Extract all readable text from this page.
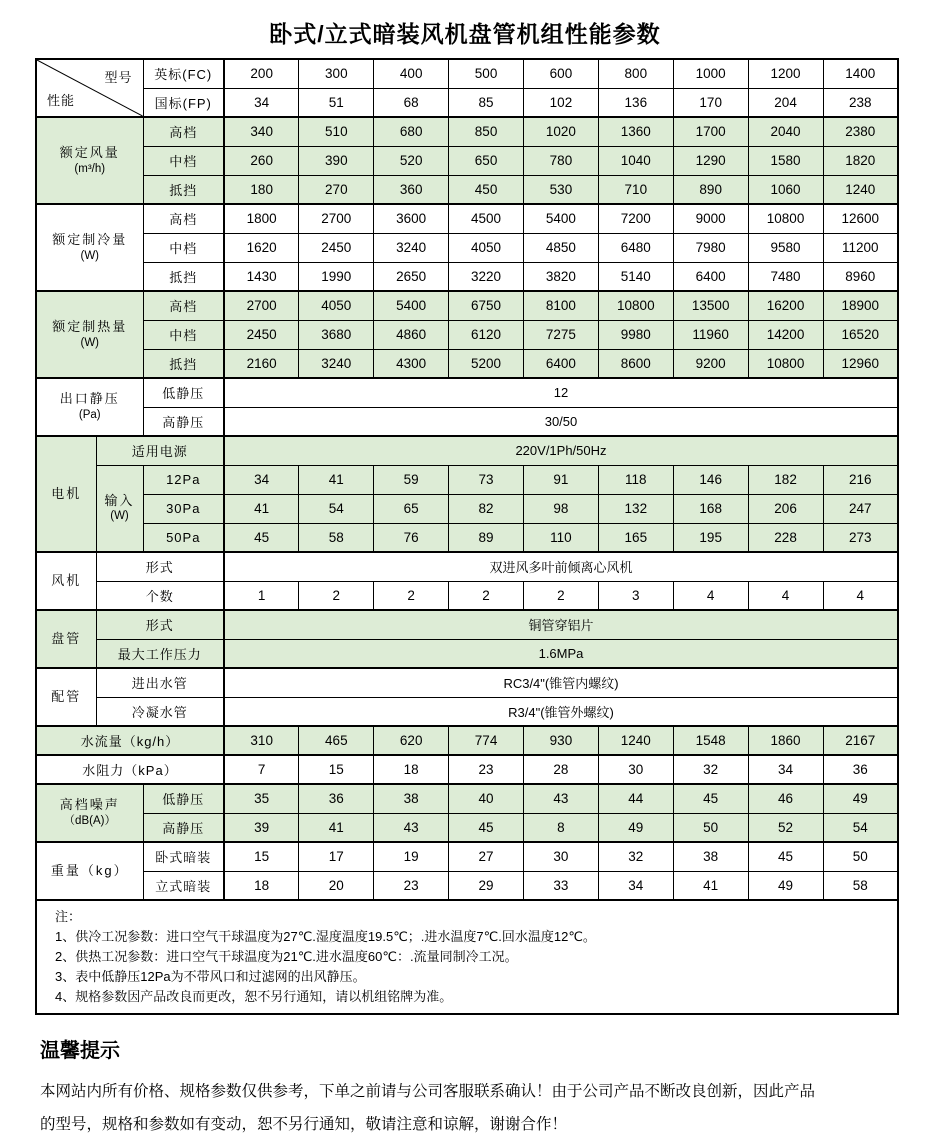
卧式/立式暗装风机盘管机组性能参数
型号
性能		英标(FC)	200	300	400	500	600	800	1000	1200	1400
		国标(FP)	34	51	68	85	102	136	170	204	238

额定风量
(m³/h)		高档	340	510	680	850	1020	1360	1700	2040	2380
		中档	260	390	520	650	780	1040	1290	1580	1820
		抵挡	180	270	360	450	530	710	890	1060	1240

额定制冷量
(W)		高档	1800	2700	3600	4500	5400	7200	9000	10800	12600
		中档	1620	2450	3240	4050	4850	6480	7980	9580	11200
		抵挡	1430	1990	2650	3220	3820	5140	6400	7480	8960

额定制热量
(W)		高档	2700	4050	5400	6750	8100	10800	13500	16200	18900
		中档	2450	3680	4860	6120	7275	9980	11960	14200	16520
		抵挡	2160	3240	4300	5200	6400	8600	9200	10800	12960

出口静压
(Pa)		低静压	12								
		高静压	30/50								
电机	适用电源		220V/1Ph/50Hz								

	输入
(W)	12Pa	34	41	59	73	91	118	146	182	216
		30Pa	41	54	65	82	98	132	168	206	247
		50Pa	45	58	76	89	110	165	195	228	273
风机	形式		双进风多叶前倾离心风机								
	个数		1	2	2	2	2	3	4	4	4
盘管	形式		铜管穿铝片								
	最大工作压力		1.6MPa								
配管	进出水管		RC3/4"(锥管内螺纹)								
	冷凝水管		R3/4"(锥管外螺纹)								
水流量（kg/h）			310	465	620	774	930	1240	1548	1860	2167
水阻力（kPa）			7	15	18	23	28	30	32	34	36

高档噪声
（dB(A)）		低静压	35	36	38	40	43	44	45	46	49
		高静压	39	41	43	45	8	49	50	52	54
重量（kg）		卧式暗装	15	17	19	27	30	32	38	45	50
		立式暗装	18	20	23	29	33	34	41	49	58

注：
1、供冷工况参数：进口空气干球温度为27℃.湿度温度19.5℃；.进水温度7℃.回水温度12℃。
2、供热工况参数：进口空气干球温度为21℃.进水温度60℃：.流量同制冷工况。
3、表中低静压12Pa为不带风口和过滤网的出风静压。
4、规格参数因产品改良而更改，恕不另行通知，请以机组铭牌为准。											
温馨提示
本网站内所有价格、规格参数仅供参考，下单之前请与公司客服联系确认！由于公司产品不断改良创新，因此产品
的型号，规格和参数如有变动，恕不另行通知，敬请注意和谅解，谢谢合作！
